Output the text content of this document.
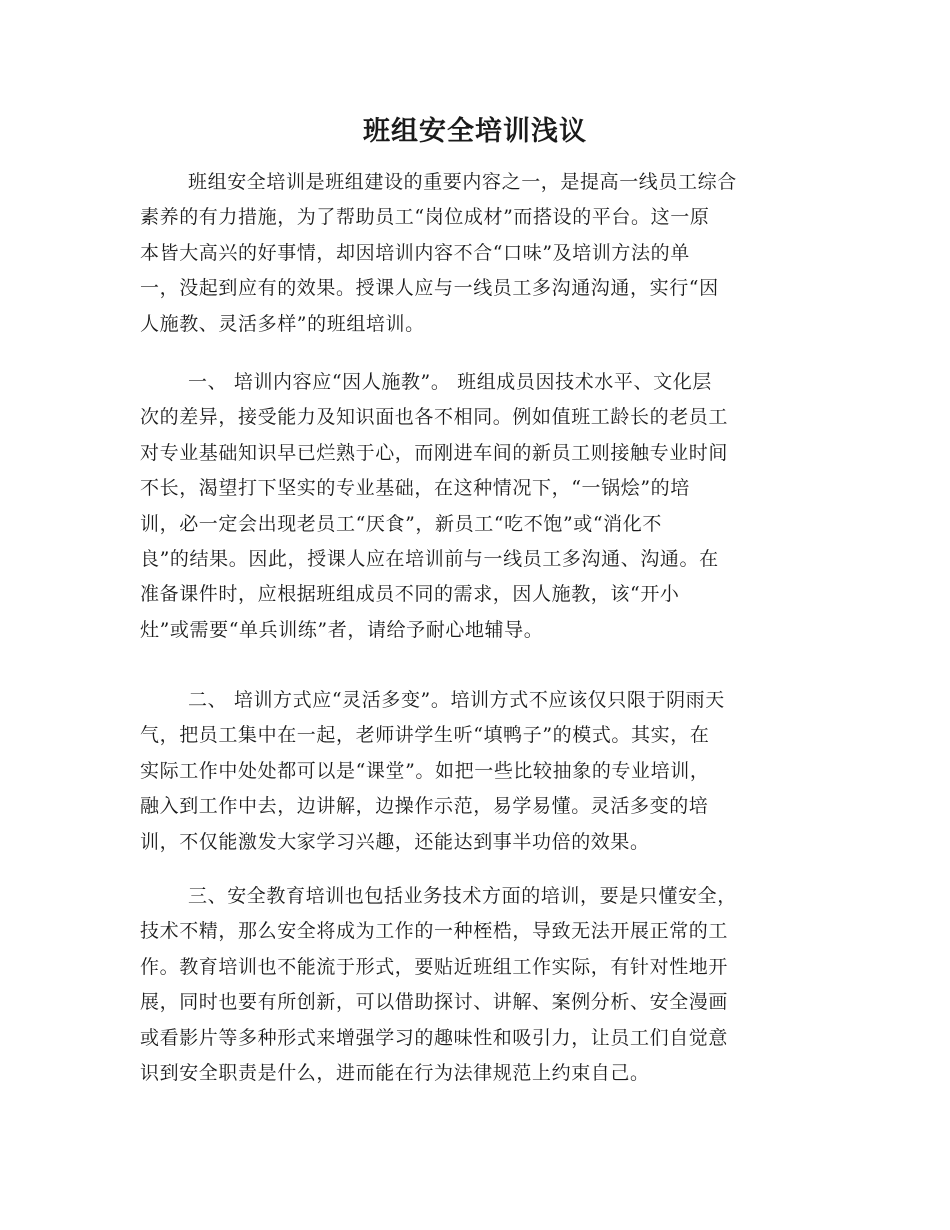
班组安全培训浅议
班组安全培训是班组建设的重要内容之一，是提高一线员工综合
素养的有力措施，为了帮助员工“岗位成材”而搭设的平台。这一原
本皆大高兴的好事情，却因培训内容不合“口味”及培训方法的单
一，没起到应有的效果。授课人应与一线员工多沟通沟通，实行“因
人施教、灵活多样”的班组培训。
一、 培训内容应“因人施教”。 班组成员因技术水平、文化层
次的差异，接受能力及知识面也各不相同。例如值班工龄长的老员工
对专业基础知识早已烂熟于心，而刚进车间的新员工则接触专业时间
不长，渴望打下坚实的专业基础，在这种情况下，“一锅烩”的培
训，必一定会出现老员工“厌食”，新员工“吃不饱”或“消化不
良”的结果。因此，授课人应在培训前与一线员工多沟通、沟通。在
准备课件时，应根据班组成员不同的需求，因人施教，该“开小
灶”或需要“单兵训练”者，请给予耐心地辅导。
二、 培训方式应“灵活多变”。培训方式不应该仅只限于阴雨天
气，把员工集中在一起，老师讲学生听“填鸭子”的模式。其实，在
实际工作中处处都可以是“课堂”。如把一些比较抽象的专业培训，
融入到工作中去，边讲解，边操作示范，易学易懂。灵活多变的培
训，不仅能激发大家学习兴趣，还能达到事半功倍的效果。
三、安全教育培训也包括业务技术方面的培训，要是只懂安全，
技术不精，那么安全将成为工作的一种桎梏，导致无法开展正常的工
作。教育培训也不能流于形式，要贴近班组工作实际，有针对性地开
展，同时也要有所创新，可以借助探讨、讲解、案例分析、安全漫画
或看影片等多种形式来增强学习的趣味性和吸引力，让员工们自觉意
识到安全职责是什么，进而能在行为法律规范上约束自己。
